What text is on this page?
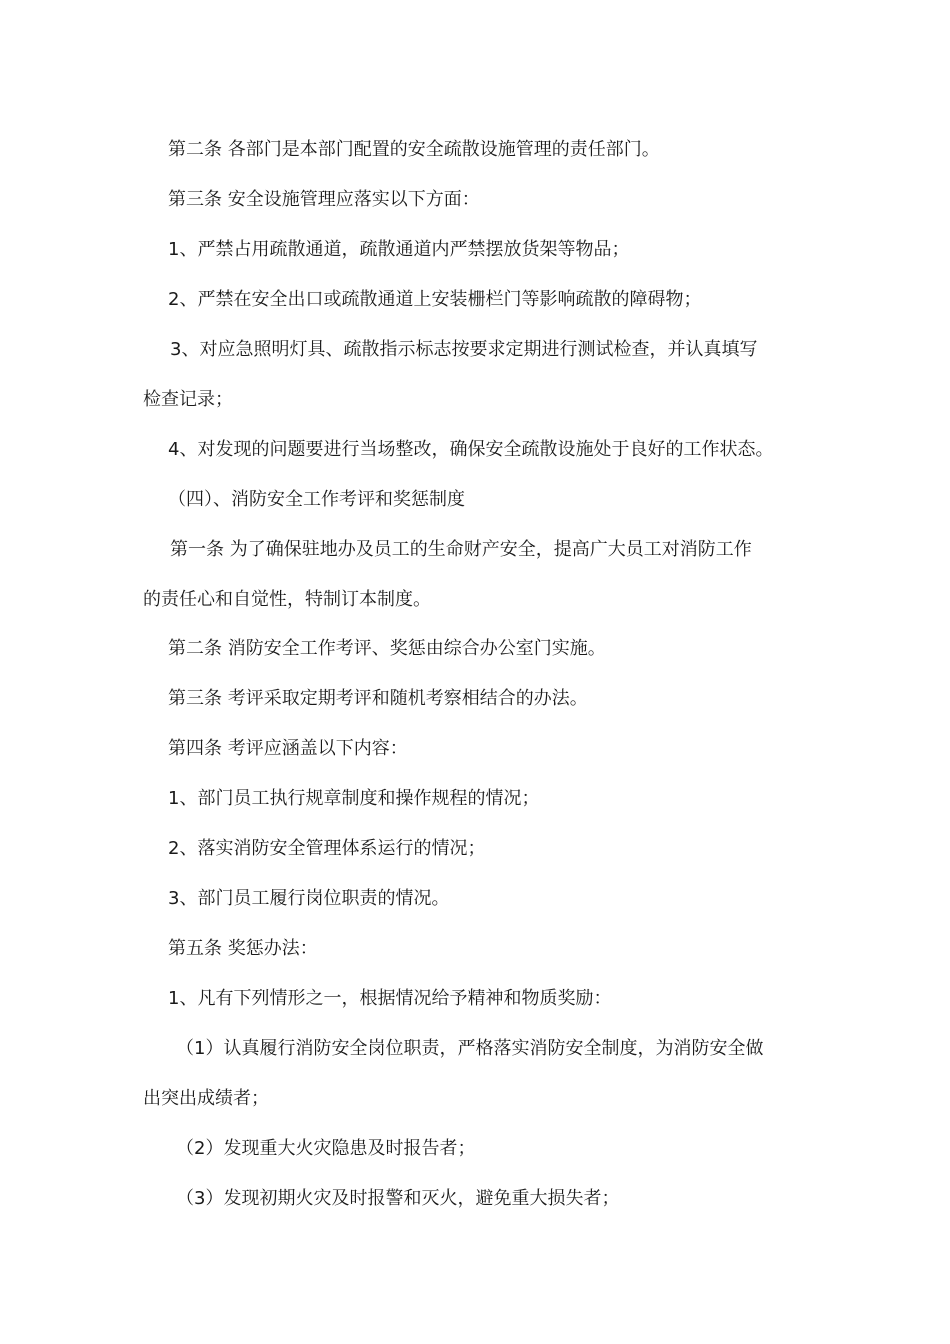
第二条 各部门是本部门配置的安全疏散设施管理的责任部门。
第三条 安全设施管理应落实以下方面：
1、严禁占用疏散通道，疏散通道内严禁摆放货架等物品；
2、严禁在安全出口或疏散通道上安装栅栏门等影响疏散的障碍物；
3、对应急照明灯具、疏散指示标志按要求定期进行测试检查，并认真填写
检查记录；
4、对发现的问题要进行当场整改，确保安全疏散设施处于良好的工作状态。
（四）、消防安全工作考评和奖惩制度
第一条 为了确保驻地办及员工的生命财产安全，提高广大员工对消防工作
的责任心和自觉性，特制订本制度。
第二条 消防安全工作考评、奖惩由综合办公室门实施。
第三条 考评采取定期考评和随机考察相结合的办法。
第四条 考评应涵盖以下内容：
1、部门员工执行规章制度和操作规程的情况；
2、落实消防安全管理体系运行的情况；
3、部门员工履行岗位职责的情况。
第五条 奖惩办法：
1、凡有下列情形之一，根据情况给予精神和物质奖励：
（1）认真履行消防安全岗位职责，严格落实消防安全制度，为消防安全做
出突出成绩者；
（2）发现重大火灾隐患及时报告者；
（3）发现初期火灾及时报警和灭火，避免重大损失者；
